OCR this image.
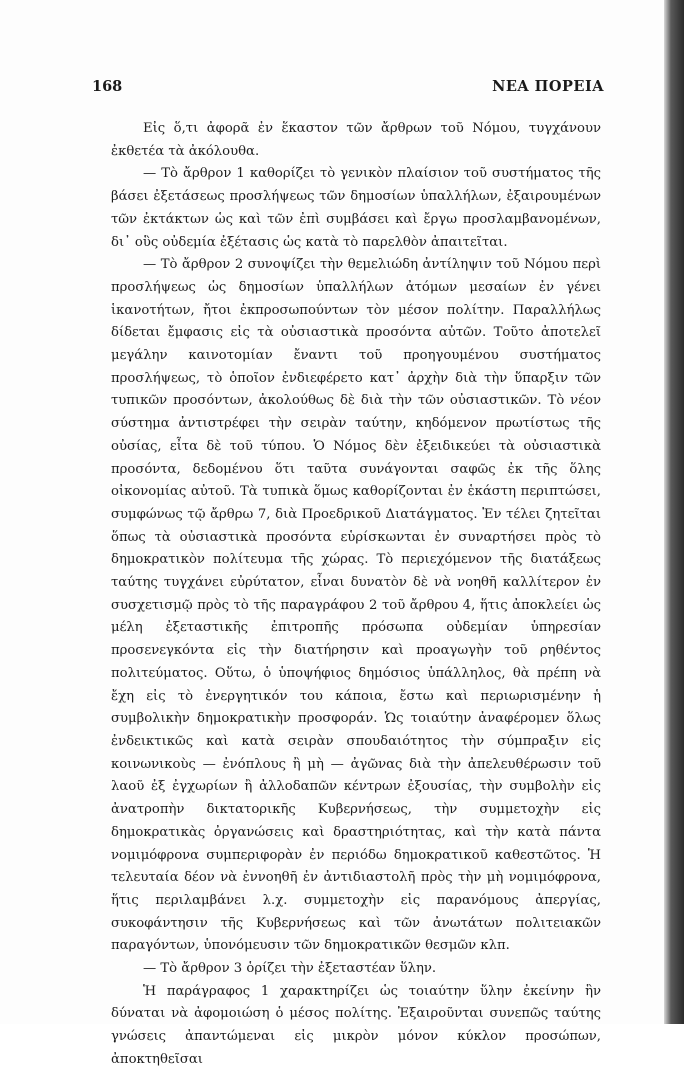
168	ΝΕΑ ΠΟΡΕΙΑ

Εἰς ὅ,τι ἀφορᾶ ἐν ἕκαστον τῶν ἄρθρων τοῦ Νόμου, τυγχάνουν ἐκθετέα τὰ ἀκόλουθα.

— Τὸ ἄρθρον 1 καθορίζει τὸ γενικὸν πλαίσιον τοῦ συστήματος τῆς βάσει ἐξετάσεως προσλήψεως τῶν δημοσίων ὑπαλλήλων, ἐξαιρουμένων τῶν ἐκτάκτων ὡς καὶ τῶν ἐπὶ συμβάσει καὶ ἔργω προσλαμβανομένων, δι᾽ οὓς οὐδεμία ἐξέτασις ὡς κατὰ τὸ παρελθὸν ἀπαιτεῖται.

— Τὸ ἄρθρον 2 συνοψίζει τὴν θεμελιώδη ἀντίληψιν τοῦ Νόμου περὶ προσλήψεως ὡς δημοσίων ὑπαλλήλων ἀτόμων μεσαίων ἐν γένει ἱκανοτήτων, ἤτοι ἐκπροσωπούντων τὸν μέσον πολίτην. Παραλλήλως δίδεται ἔμφασις εἰς τὰ οὐσιαστικὰ προσόντα αὐτῶν. Τοῦτο ἀποτελεῖ μεγάλην καινοτομίαν ἔναντι τοῦ προηγουμένου συστήματος προσλήψεως, τὸ ὁποῖον ἐνδιεφέρετο κατ᾽ ἀρχὴν διὰ τὴν ὕπαρξιν τῶν τυπικῶν προσόντων, ἀκολούθως δὲ διὰ τὴν τῶν οὐσιαστικῶν. Τὸ νέον σύστημα ἀντιστρέφει τὴν σειρὰν ταύτην, κηδόμενον πρωτίστως τῆς οὐσίας, εἶτα δὲ τοῦ τύπου. Ὁ Νόμος δὲν ἐξειδικεύει τὰ οὐσιαστικὰ προσόντα, δεδομένου ὅτι ταῦτα συνάγονται σαφῶς ἐκ τῆς ὅλης οἰκονομίας αὐτοῦ. Τὰ τυπικὰ ὅμως καθορίζονται ἐν ἑκάστη περιπτώσει, συμφώνως τῷ ἄρθρω 7, διὰ Προεδρικοῦ Διατάγματος. Ἐν τέλει ζητεῖται ὅπως τὰ οὐσιαστικὰ προσόντα εὑρίσκωνται ἐν συναρτήσει πρὸς τὸ δημοκρατικὸν πολίτευμα τῆς χώρας. Τὸ περιεχόμενον τῆς διατάξεως ταύτης τυγχάνει εὐρύτατον, εἶναι δυνατὸν δὲ νὰ νοηθῆ καλλίτερον ἐν συσχετισμῷ πρὸς τὸ τῆς παραγράφου 2 τοῦ ἄρθρου 4, ἥτις ἀποκλείει ὡς μέλη ἐξεταστικῆς ἐπιτροπῆς πρόσωπα οὐδεμίαν ὑπηρεσίαν προσενεγκόντα εἰς τὴν διατήρησιν καὶ προαγωγὴν τοῦ ρηθέντος πολιτεύματος. Οὕτω, ὁ ὑποψήφιος δημόσιος ὑπάλληλος, θὰ πρέπη νὰ ἔχη εἰς τὸ ἐνεργητικόν του κάποια, ἔστω καὶ περιωρισμένην ἡ συμβολικὴν δημοκρατικὴν προσφοράν. Ὡς τοιαύτην ἀναφέρομεν ὅλως ἐνδεικτικῶς καὶ κατὰ σειρὰν σπουδαιότητος τὴν σύμπραξιν εἰς κοινωνικοὺς — ἐνόπλους ἢ μὴ — ἀγῶνας διὰ τὴν ἀπελευθέρωσιν τοῦ λαοῦ ἐξ ἐγχωρίων ἢ ἀλλοδαπῶν κέντρων ἐξουσίας, τὴν συμβολὴν εἰς ἀνατροπὴν δικτατορικῆς Κυβερνήσεως, τὴν συμμετοχὴν εἰς δημοκρατικὰς ὀργανώσεις καὶ δραστηριότητας, καὶ τὴν κατὰ πάντα νομιμόφρονα συμπεριφορὰν ἐν περιόδω δημοκρατικοῦ καθεστῶτος. Ἡ τελευταία δέον νὰ ἐννοηθῆ ἐν ἀντιδιαστολῆ πρὸς τὴν μὴ νομιμόφρονα, ἥτις περιλαμβάνει λ.χ. συμμετοχὴν εἰς παρανόμους ἀπεργίας, συκοφάντησιν τῆς Κυβερνήσεως καὶ τῶν ἀνωτάτων πολιτειακῶν παραγόντων, ὑπονόμευσιν τῶν δημοκρατικῶν θεσμῶν κλπ.

— Τὸ ἄρθρον 3 ὁρίζει τὴν ἐξεταστέαν ὕλην.

Ἡ παράγραφος 1 χαρακτηρίζει ὡς τοιαύτην ὕλην ἐκείνην ἣν δύναται νὰ ἀφομοιώση ὁ μέσος πολίτης. Ἐξαιροῦνται συνεπῶς ταύτης γνώσεις ἀπαντώμεναι εἰς μικρὸν μόνον κύκλον προσώπων, ἀποκτηθεῖσαι
